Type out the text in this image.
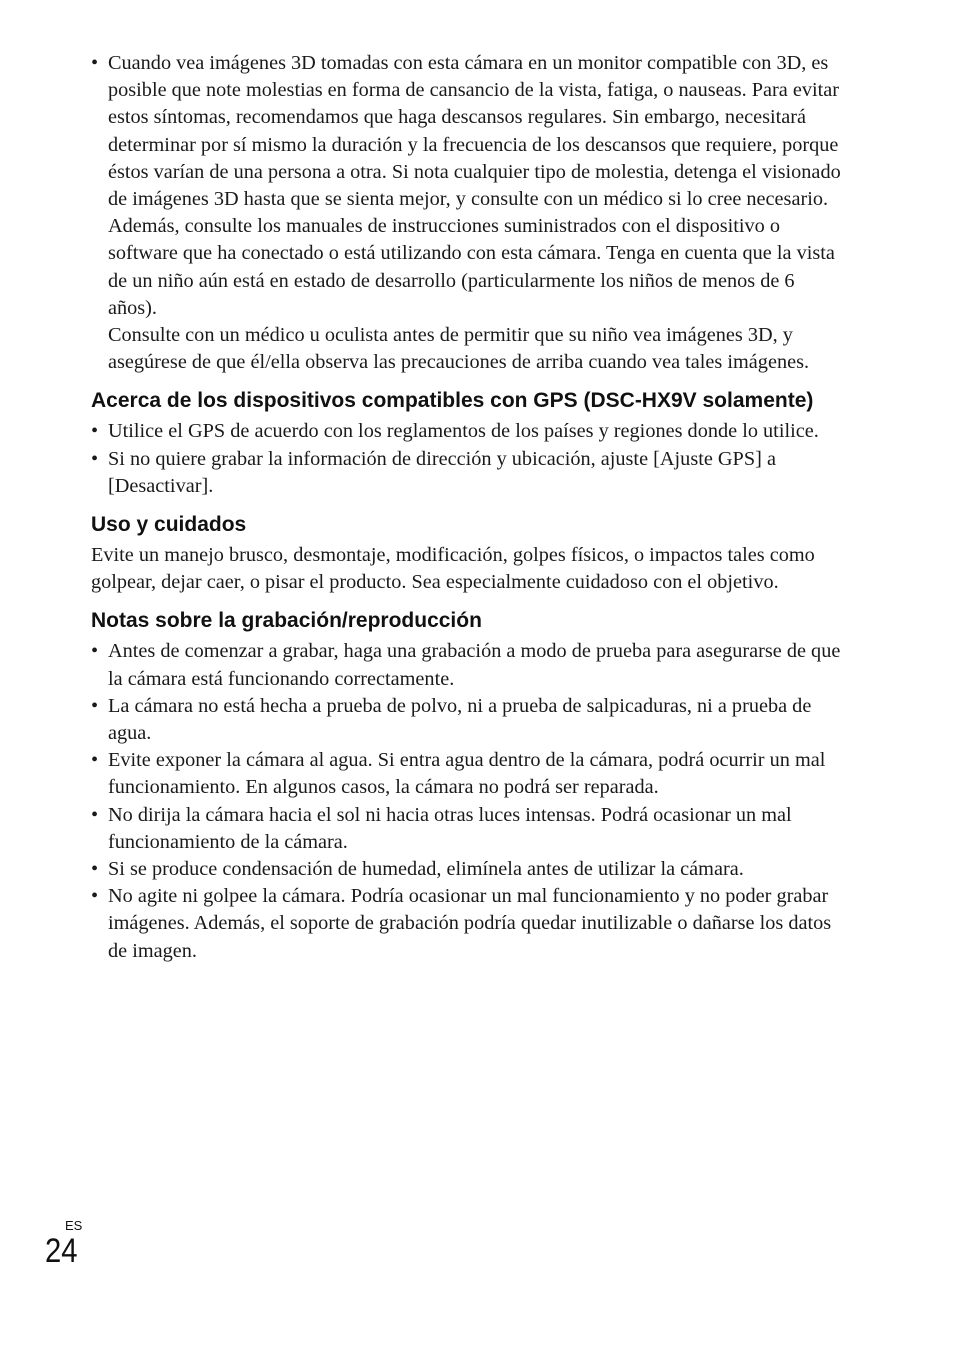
• Cuando vea imágenes 3D tomadas con esta cámara en un monitor compatible con 3D, es posible que note molestias en forma de cansancio de la vista, fatiga, o nauseas. Para evitar estos síntomas, recomendamos que haga descansos regulares. Sin embargo, necesitará determinar por sí mismo la duración y la frecuencia de los descansos que requiere, porque éstos varían de una persona a otra. Si nota cualquier tipo de molestia, detenga el visionado de imágenes 3D hasta que se sienta mejor, y consulte con un médico si lo cree necesario. Además, consulte los manuales de instrucciones suministrados con el dispositivo o software que ha conectado o está utilizando con esta cámara. Tenga en cuenta que la vista de un niño aún está en estado de desarrollo (particularmente los niños de menos de 6 años).

Consulte con un médico u oculista antes de permitir que su niño vea imágenes 3D, y asegúrese de que él/ella observa las precauciones de arriba cuando vea tales imágenes.

Acerca de los dispositivos compatibles con GPS (DSC-HX9V solamente)
• Utilice el GPS de acuerdo con los reglamentos de los países y regiones donde lo utilice.
• Si no quiere grabar la información de dirección y ubicación, ajuste [Ajuste GPS] a [Desactivar].
Uso y cuidados

Evite un manejo brusco, desmontaje, modificación, golpes físicos, o impactos tales como golpear, dejar caer, o pisar el producto. Sea especialmente cuidadoso con el objetivo.

Notas sobre la grabación/reproducción
• Antes de comenzar a grabar, haga una grabación a modo de prueba para asegurarse de que la cámara está funcionando correctamente.
• La cámara no está hecha a prueba de polvo, ni a prueba de salpicaduras, ni a prueba de agua.
• Evite exponer la cámara al agua. Si entra agua dentro de la cámara, podrá ocurrir un mal funcionamiento. En algunos casos, la cámara no podrá ser reparada.
• No dirija la cámara hacia el sol ni hacia otras luces intensas. Podrá ocasionar un mal funcionamiento de la cámara.
• Si se produce condensación de humedad, elimínela antes de utilizar la cámara.
• No agite ni golpee la cámara. Podría ocasionar un mal funcionamiento y no poder grabar imágenes. Además, el soporte de grabación podría quedar inutilizable o dañarse los datos de imagen.
ES
24
